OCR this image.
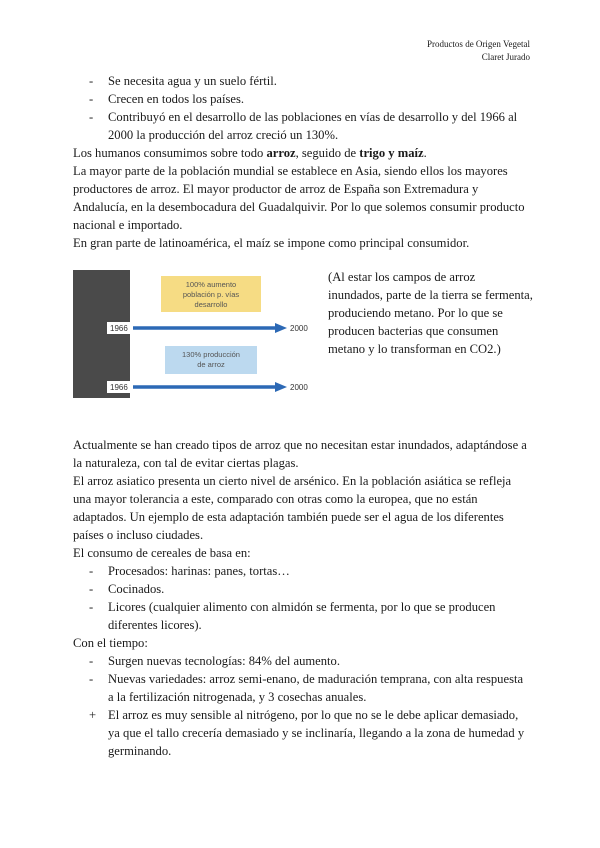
Productos de Origen Vegetal
Claret Jurado
- Se necesita agua y un suelo fértil.
- Crecen en todos los países.
- Contribuyó en el desarrollo de las poblaciones en vías de desarrollo y del 1966 al 2000 la producción del arroz creció un 130%.

Los humanos consumimos sobre todo arroz, seguido de trigo y maíz.

La mayor parte de la población mundial se establece en Asia, siendo ellos los mayores productores de arroz. El mayor productor de arroz de España son Extremadura y Andalucía, en la desembocadura del Guadalquivir. Por lo que solemos consumir producto nacional e importado.

En gran parte de latinoamérica, el maíz se impone como principal consumidor.

100% aumento
población p. vías
desarrollo
1966	2000
130% producción
de arroz
1966	2000

(Al estar los campos de arroz inundados, parte de la tierra se fermenta, produciendo metano. Por lo que se producen bacterias que consumen metano y lo transforman en CO2.)

Actualmente se han creado tipos de arroz que no necesitan estar inundados, adaptándose a la naturaleza, con tal de evitar ciertas plagas.

El arroz asiatico presenta un cierto nivel de arsénico. En la población asiática se refleja una mayor tolerancia a este, comparado con otras como la europea, que no están adaptados. Un ejemplo de esta adaptación también puede ser el agua de los diferentes países o incluso ciudades.

El consumo de cereales de basa en:

- Procesados: harinas: panes, tortas…
- Cocinados.
- Licores (cualquier alimento con almidón se fermenta, por lo que se producen diferentes licores).

Con el tiempo:

- Surgen nuevas tecnologías: 84% del aumento.
- Nuevas variedades: arroz semi-enano, de maduración temprana, con alta respuesta a la fertilización nitrogenada, y 3 cosechas anuales.
+ El arroz es muy sensible al nitrógeno, por lo que no se le debe aplicar demasiado, ya que el tallo crecería demasiado y se inclinaría, llegando a la zona de humedad y germinando.
